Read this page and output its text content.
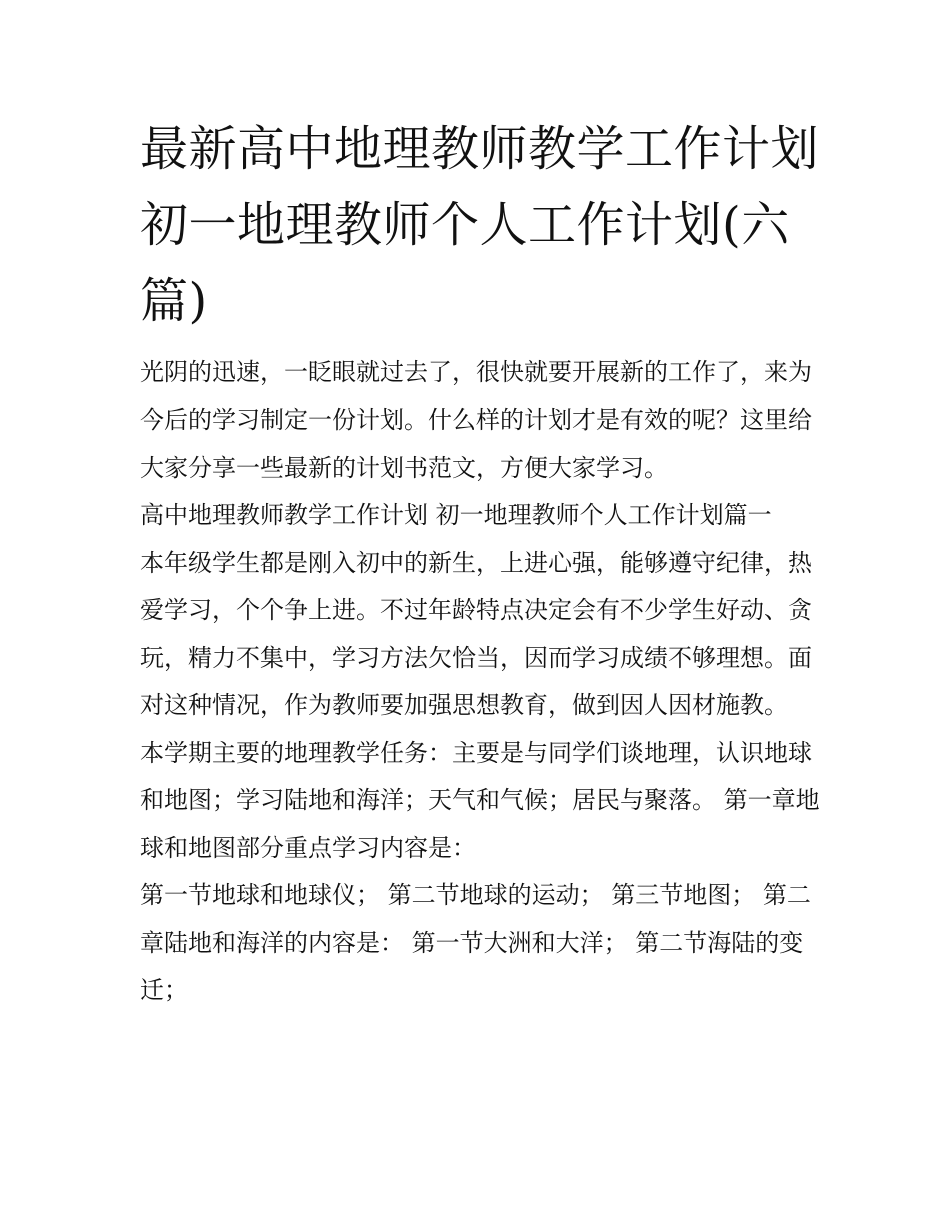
最新高中地理教师教学工作计划 初一地理教师个人工作计划(六篇)

光阴的迅速，一眨眼就过去了，很快就要开展新的工作了，来为今后的学习制定一份计划。什么样的计划才是有效的呢？这里给大家分享一些最新的计划书范文，方便大家学习。

高中地理教师教学工作计划 初一地理教师个人工作计划篇一

本年级学生都是刚入初中的新生，上进心强，能够遵守纪律，热爱学习，个个争上进。不过年龄特点决定会有不少学生好动、贪玩，精力不集中，学习方法欠恰当，因而学习成绩不够理想。面对这种情况，作为教师要加强思想教育，做到因人因材施教。

本学期主要的地理教学任务：主要是与同学们谈地理，认识地球和地图；学习陆地和海洋；天气和气候；居民与聚落。 第一章地球和地图部分重点学习内容是：

第一节地球和地球仪； 第二节地球的运动； 第三节地图； 第二章陆地和海洋的内容是： 第一节大洲和大洋； 第二节海陆的变迁；
